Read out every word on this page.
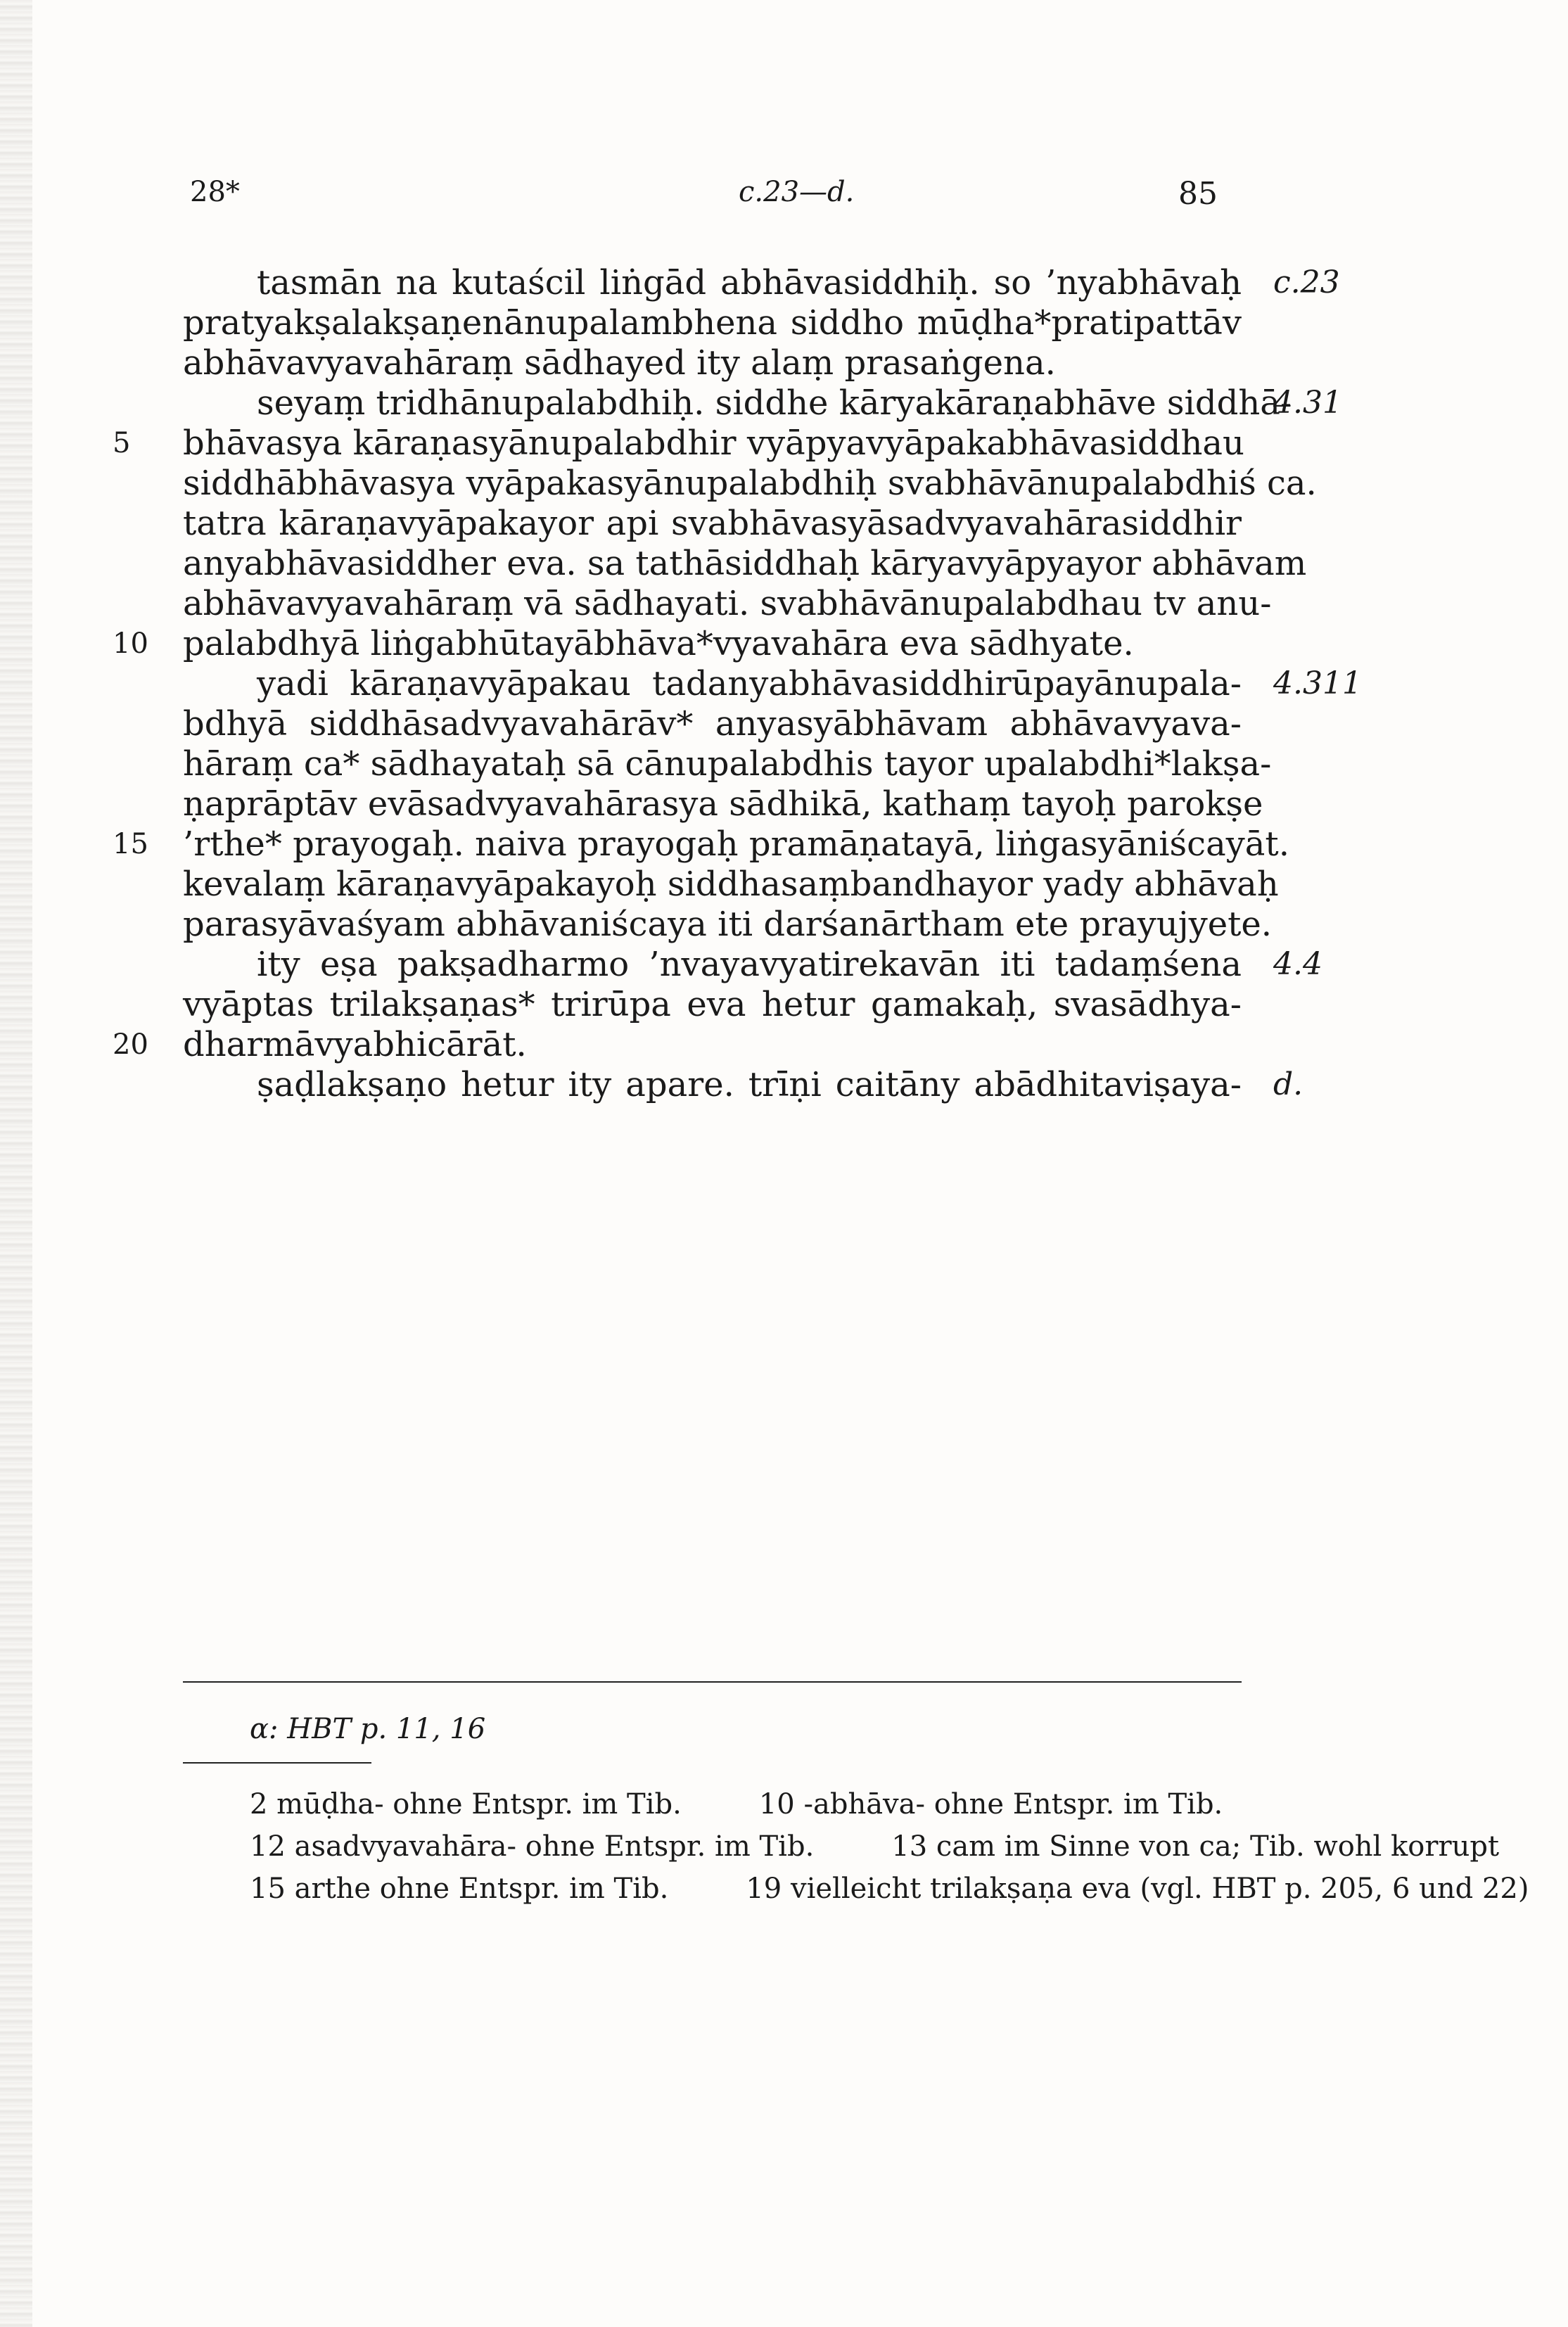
28*	c.23—d.	85
tasmān na kutaścil liṅgād abhāvasiddhiḥ. so ’nyabhāvaḥ
pratyakṣalakṣaṇenānupalambhena siddho mūḍha*pratipattāv
abhāvavyavahāraṃ sādhayed ity alaṃ prasaṅgena.
seyaṃ tridhānupalabdhiḥ. siddhe kāryakāraṇabhāve siddhā-
bhāvasya kāraṇasyānupalabdhir vyāpyavyāpakabhāvasiddhau
siddhābhāvasya vyāpakasyānupalabdhiḥ svabhāvānupalabdhiś ca.
tatra kāraṇavyāpakayor api svabhāvasyāsadvyavahārasiddhir
anyabhāvasiddher eva. sa tathāsiddhaḥ kāryavyāpyayor abhāvam
abhāvavyavahāraṃ vā sādhayati. svabhāvānupalabdhau tv anu-
palabdhyā liṅgabhūtayābhāva*vyavahāra eva sādhyate.
yadi kāraṇavyāpakau tadanyabhāvasiddhirūpayānupala-
bdhyā siddhāsadvyavahārāv* anyasyābhāvam abhāvavyava-
hāraṃ ca* sādhayataḥ sā cānupalabdhis tayor upalabdhi*lakṣa-
ṇaprāptāv evāsadvyavahārasya sādhikā, kathaṃ tayoḥ parokṣe
’rthe* prayogaḥ. naiva prayogaḥ pramāṇatayā, liṅgasyāniścayāt.
kevalaṃ kāraṇavyāpakayoḥ siddhasaṃbandhayor yady abhāvaḥ
parasyāvaśyam abhāvaniścaya iti darśanārtham ete prayujyete.
ity eṣa pakṣadharmo ’nvayavyatirekavān iti tadaṃśena
vyāptas trilakṣaṇas* trirūpa eva hetur gamakaḥ, svasādhya-
dharmāvyabhicārāt.
ṣaḍlakṣaṇo hetur ity apare. trīṇi caitāny abādhitaviṣaya-
5
10
15
20
c.23
4.31
4.311
4.4
d.
α: HBT p. 11, 16
2 mūḍha- ohne Entspr. im Tib.	10 -abhāva- ohne Entspr. im Tib.
12 asadvyavahāra- ohne Entspr. im Tib.	13 cam im Sinne von ca; Tib. wohl korrupt
15 arthe ohne Entspr. im Tib.	19 vielleicht trilakṣaṇa eva (vgl. HBT p. 205, 6 und 22)
